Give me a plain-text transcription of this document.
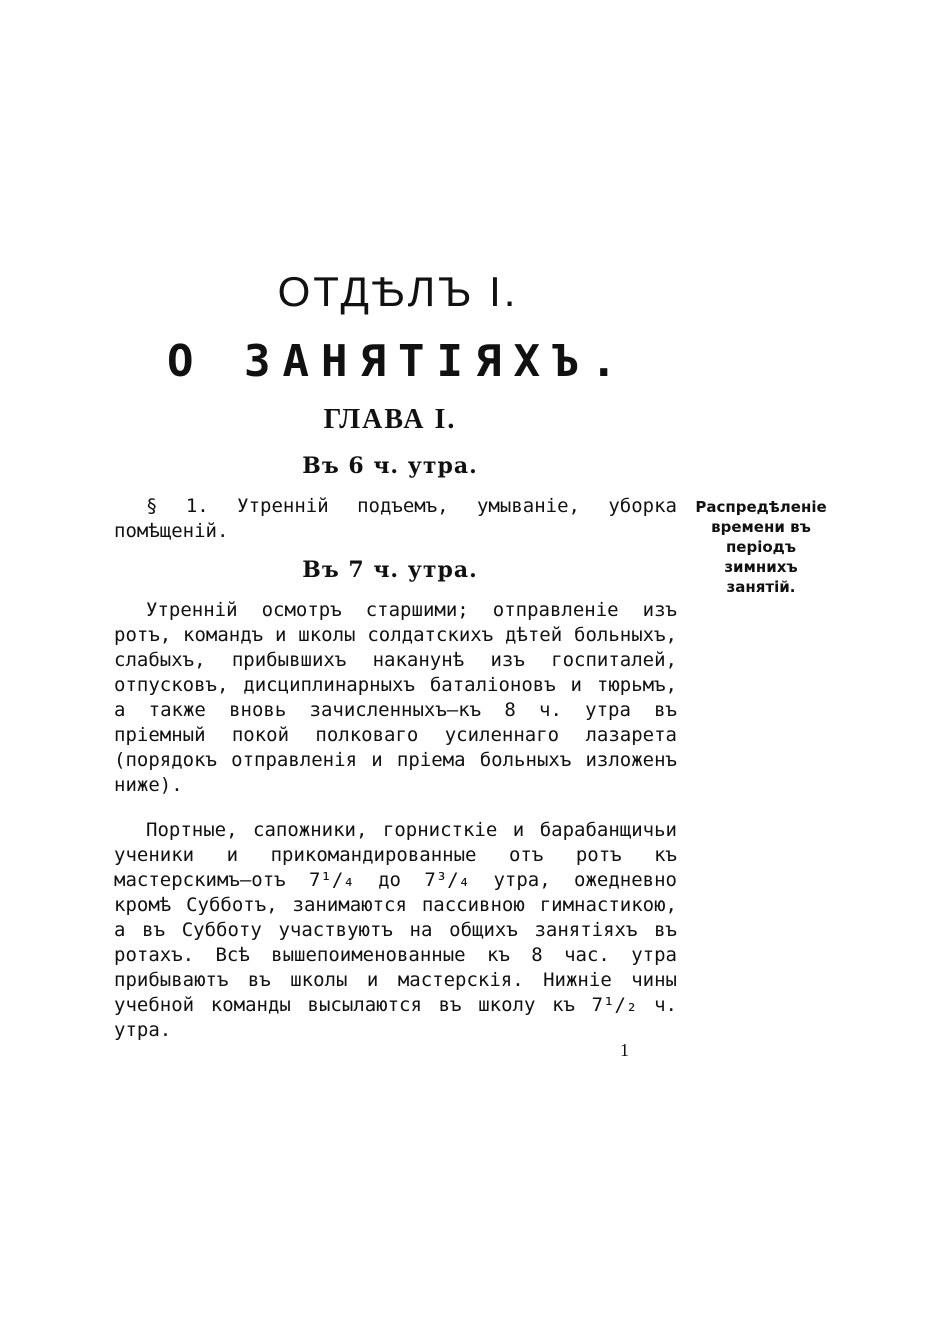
ОТДѢЛЪ I.
О ЗАНЯТІЯХЪ.
ГЛАВА I.
Въ 6 ч. утра.

§ 1. Утренній подъемъ, умываніе, уборка помѣщеній.

Распредѣленіе времени въ періодъ зимнихъ занятій.

Въ 7 ч. утра.

Утренній осмотръ старшими; отправленіе изъ ротъ, командъ и школы солдатскихъ дѣтей больныхъ, слабыхъ, прибывшихъ наканунѣ изъ госпиталей, отпусковъ, дисциплинарныхъ баталіоновъ и тюрьмъ, а также вновь зачисленныхъ—къ 8 ч. утра въ пріемный покой полковаго усиленнаго лазарета (порядокъ отправленія и пріема больныхъ изложенъ ниже).

Портные, сапожники, горнисткіе и барабанщичьи ученики и прикомандированные отъ ротъ къ мастерскимъ—отъ 7¹/₄ до 7³/₄ утра, ожедневно кромѣ Субботъ, занимаются пассивною гимнастикою, а въ Субботу участвуютъ на общихъ занятіяхъ въ ротахъ. Всѣ вышепоименованные къ 8 час. утра прибываютъ въ школы и мастерскія. Нижніе чины учебной команды высылаются въ школу къ 7¹/₂ ч. утра.

1
